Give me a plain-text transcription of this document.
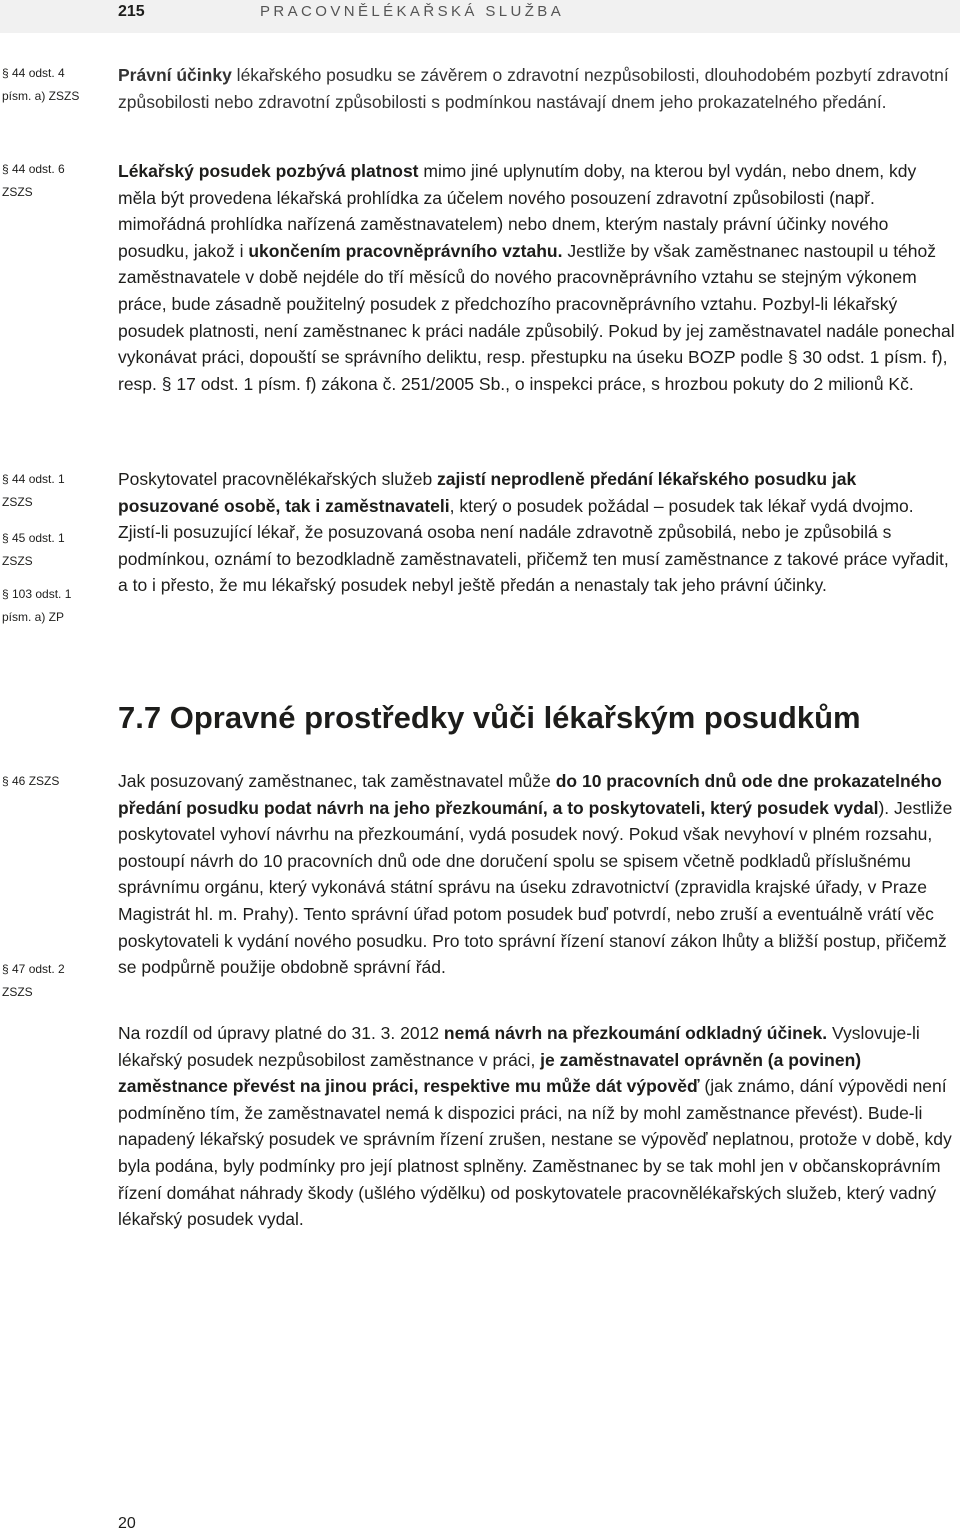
215	PRACOVNĚLÉKAŘSKÁ SLUŽBA
§ 44 odst. 4 písm. a) ZSZS
§ 44 odst. 6 ZSZS
§ 44 odst. 1 ZSZS
§ 45 odst. 1 ZSZS
§ 103 odst. 1 písm. a) ZP
§ 46 ZSZS
§ 47 odst. 2 ZSZS

Právní účinky lékařského posudku se závěrem o zdravotní nezpůsobilosti, dlouhodobém pozbytí zdravotní způsobilosti nebo zdravotní způsobilosti s podmínkou nastávají dnem jeho prokazatelného předání.

Lékařský posudek pozbývá platnost mimo jiné uplynutím doby, na kterou byl vydán, nebo dnem, kdy měla být provedena lékařská prohlídka za účelem nového posouzení zdravotní způsobilosti (např. mimořádná prohlídka nařízená zaměstnavatelem) nebo dnem, kterým nastaly právní účinky nového posudku, jakož i ukončením pracovněprávního vztahu. Jestliže by však zaměstnanec nastoupil u téhož zaměstnavatele v době nejdéle do tří měsíců do nového pracovněprávního vztahu se stejným výkonem práce, bude zásadně použitelný posudek z předchozího pracovněprávního vztahu. Pozbyl-li lékařský posudek platnosti, není zaměstnanec k práci nadále způsobilý. Pokud by jej zaměstnavatel nadále ponechal vykonávat práci, dopouští se správního deliktu, resp. přestupku na úseku BOZP podle § 30 odst. 1 písm. f), resp. § 17 odst. 1 písm. f) zákona č. 251/2005 Sb., o inspekci práce, s hrozbou pokuty do 2 milionů Kč.

Poskytovatel pracovnělékařských služeb zajistí neprodleně předání lékařského posudku jak posuzované osobě, tak i zaměstnavateli, který o posudek požádal – posudek tak lékař vydá dvojmo. Zjistí-li posuzující lékař, že posuzovaná osoba není nadále zdravotně způsobilá, nebo je způsobilá s podmínkou, oznámí to bezodkladně zaměstnavateli, přičemž ten musí zaměstnance z takové práce vyřadit, a to i přesto, že mu lékařský posudek nebyl ještě předán a nenastaly tak jeho právní účinky.

7.7 Opravné prostředky vůči lékařským posudkům

Jak posuzovaný zaměstnanec, tak zaměstnavatel může do 10 pracovních dnů ode dne prokazatelného předání posudku podat návrh na jeho přezkoumání, a to poskytovateli, který posudek vydal). Jestliže poskytovatel vyhoví návrhu na přezkoumání, vydá posudek nový. Pokud však nevyhoví v plném rozsahu, postoupí návrh do 10 pracovních dnů ode dne doručení spolu se spisem včetně podkladů příslušnému správnímu orgánu, který vykonává státní správu na úseku zdravotnictví (zpravidla krajské úřady, v Praze Magistrát hl. m. Prahy). Tento správní úřad potom posudek buď potvrdí, nebo zruší a eventuálně vrátí věc poskytovateli k vydání nového posudku. Pro toto správní řízení stanoví zákon lhůty a bližší postup, přičemž se podpůrně použije obdobně správní řád.

Na rozdíl od úpravy platné do 31. 3. 2012 nemá návrh na přezkoumání odkladný účinek. Vyslovuje-li lékařský posudek nezpůsobilost zaměstnance v práci, je zaměstnavatel oprávněn (a povinen) zaměstnance převést na jinou práci, respektive mu může dát výpověď (jak známo, dání výpovědi není podmíněno tím, že zaměstnavatel nemá k dispozici práci, na níž by mohl zaměstnance převést). Bude-li napadený lékařský posudek ve správním řízení zrušen, nestane se výpověď neplatnou, protože v době, kdy byla podána, byly podmínky pro její platnost splněny. Zaměstnanec by se tak mohl jen v občanskoprávním řízení domáhat náhrady škody (ušlého výdělku) od poskytovatele pracovnělékařských služeb, který vadný lékařský posudek vydal.

20
